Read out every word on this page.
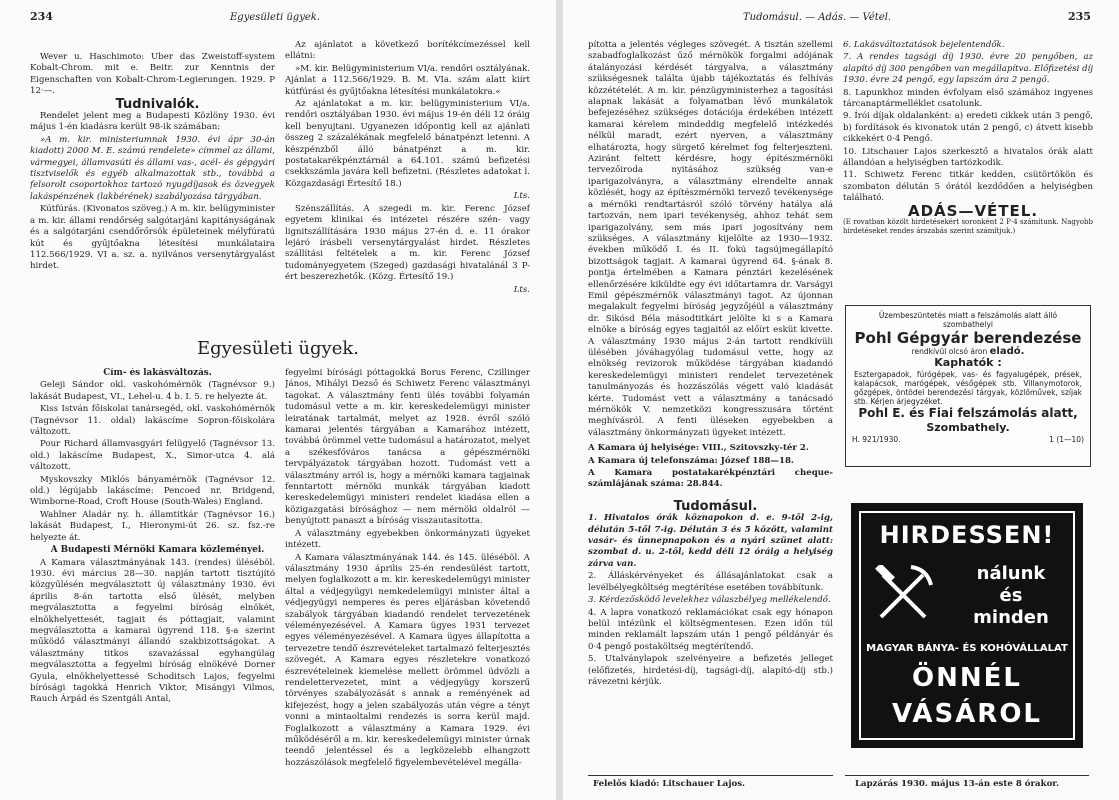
234	Egyesületi ügyek.

Wever u. Haschimoto: Über das Zweistoff-system Kobalt-Chrom. mit e. Beitr. zur Kenntnis der Eigenschaften von Kobalt-Chrom-Legierungen. 1929. P 12·—.

Tudnivalók.

Rendelet jelent meg a Budapesti Közlöny 1930. évi május 1-én kiadásra került 98-ik számában:

»A m. kir. ministeriumnak 1930. évi ápr 30-án kiadott) 2000 M. E. számú rendelete» címmel az állami, vármegyei, államvasúti és állami vas-, acél- és gépgyári tisztviselők és egyéb alkalmazottak stb., továbbá a felsorolt csoportokhoz tartozó nyugdíjasok és özvegyek lakáspénzének (lakbérének) szabályozása tárgyában.

Kútfúrás. (Kivonatos szöveg.) A m. kir. belügyminister a m. kir. állami rendőrség salgótarjáni kapitányságának és a salgótarjáni csendőrőrsök épületeinek mélyfúratú kút és gyűjtőakna létesítési munkálataira 112.566/1929. VI a. sz. a. nyilvános versenytárgyalást hirdet.

Az ajánlatot a következő borítékcímezéssel kell ellátni:

»M. kir. Belügyministerium VI/a. rendőri osztályának. Ajánlat a 112.566/1929. B. M. VIa. szám alatt kiírt kútfúrási és gyűjtőakna létesítési munkálatokra.«

Az ajánlatokat a m. kir. belügyministerium VI/a. rendőri osztályában 1930. évi május 19-én déli 12 óráig kell benyujtani. Ugyanezen időpontig kell az ajánlati összeg 2 százalékának megfelelő bánatpénzt letenni. A készpénzből álló bánatpénzt a m. kir. postatakarékpénztárnál a 64.101. számú befizetési csekkszámla javára kell befizetni. (Részletes adatokat l. Közgazdasági Értesítő 18.)

Lts.

Szénszállítás. A szegedi m. kir. Ferenc József egyetem klinikai és intézetei részére szén- vagy lignitszállítására 1930 május 27-én d. e. 11 órakor lejáró írásbeli versenytárgyalást hirdet. Részletes szállítási feltételek a m. kir. Ferenc József tudományegyetem (Szeged) gazdasági hivatalánál 3 P-ért beszerezhetők. (Közg. Értesítő 19.)

Lts.

Egyesületi ügyek.

Cím- és lakásváltozás.

Geleji Sándor okl. vaskohómérnök (Tagnévsor 9.) lakását Budapest, VI., Lehel-u. 4 b. I. 5. re helyezte át.

Kiss István főiskolai tanársegéd, okl. vaskohómérnök (Tagnévsor 11. oldal) lakáscíme Sopron-főiskolára változott.

Pour Richard államvasgyári felügyelő (Tagnévsor 13. old.) lakáscíme Budapest, X., Simor-utca 4. alá változott.

Myskovszky Miklós bányamérnök (Tagnévsor 12. old.) légújabb lakáscíme: Pencoed nr. Bridgend, Wimborne-Road, Croft House (South-Wales) England.

Wahlner Aladár ny. h. államtitkár (Tagnévsor 16.) lakását Budapest, I., Hieronymi-út 26. sz. fsz.-re helyezte át.

A Budapesti Mérnöki Kamara közleményei.

A Kamara választmányának 143. (rendes) ülésébõl. 1930. évi március 28—30. napján tartott tisztújító közgyűlésén megválasztott új választmány 1930. évi április 8-án tartotta első ülését, melyben megválasztotta a fegyelmi bíróság elnökét, elnökhelyettesét, tagjait és póttagjait, valamint megválasztotta a kamarai ügyrend 118. §-a szerint működő választmányi állandó szakbizottságokat. A választmány titkos szavazással egyhangúlag megválasztotta a fegyelmi bíróság elnökévé Dorner Gyula, elnökhelyettessé Schoditsch Lajos, fegyelmi bírósági tagokká Henrich Viktor, Misángyi Vilmos, Rauch Árpád és Szentgáli Antal,

fegyelmi bírósági póttagokká Borus Ferenc, Czillinger János, Mihályi Dezső és Schiwetz Ferenc választmányi tagokat. A választmány fenti ülés további folyamán tudomásul vette a m. kir. kereskedelemügyi minister leiratának tartalmát, melyet az 1928. évről szóló kamarai jelentés tárgyában a Kamarához intézett, továbbá örömmel vette tudomásul a határozatot, melyet a székesfőváros tanácsa a gépészmérnöki tervpályázatok tárgyában hozott. Tudomást vett a választmány arról is, hogy a mérnöki kamara tagjainak fenntartott mérnöki munkák tárgyában kiadott kereskedelemügyi ministeri rendelet kiadása ellen a közigazgatási bírósághoz — nem mérnöki oldalról — benyújtott panaszt a bíróság visszautasította.

A választmány egyebekben önkormányzati ügyeket intézett.

A Kamara választmányának 144. és 145. ülésébõl. A választmány 1930 április 25-én rendesülést tartott, melyen foglalkozott a m. kir. kereskedelemügyi minister által a védjegyügyi nemkedelemügyi minister által a védjegyügyi nemperes és peres eljárásban követendő szabályok tárgyában kiadandó rendelet tervezetének véleményezésével. A Kamara ügyes 1931 tervezet egyes véleményezésével. A Kamara ügyes állapította a tervezetre tendő észrevételeket tartalmazó felterjesztés szövegét. A Kamara egyes részletekre vonatkozó észrevételeinek kiemelése mellett örömmel üdvözli a rendelettervezetet, mint a védjegyügy korszerű törvényes szabályozását s annak a reményének ad kifejezést, hogy a jelen szabályozás után végre a tényt vonni a mintaoltalmi rendezés is sorra kerül majd. Foglalkozott a választmány a Kamara 1929. évi működéséről a m. kir. kereskedelemügyi minister úrnak teendő jelentéssel és a legközelebb elhangzott hozzászólások megfelelő figyelembevételével megálla-

Tudomásul. — Adás. — Vétel.	235

pította a jelentés végleges szövegét. A tisztán szellemi szabadfoglalkozást űző mérnökök forgalmi adójának átalányozási kérdését tárgyalva, a választmány szükségesnek találta újabb tájékoztatás és felhívás közzétételét. A m. kir. pénzügyministerhez a tagosítási alapnak lakását a folyamatban lévő munkálatok befejezéséhez szükséges dotációja érdekében intézett kamarai kérelem mindeddig megfelelő intézkedés nélkül maradt, ezért nyerven, a választmány elhatározta, hogy sürgető kérelmet fog felterjeszteni. Aziránt feltett kérdésre, hogy építészmérnöki tervezőiroda nyitásához szükség van-e iparigazolványra, a választmány elrendelte annak közlését, hogy az építészmérnöki tervező tevékenysége a mérnöki rendtartásról szóló törvény hatálya alá tartozván, nem ipari tevékenység, ahhoz tehát sem iparigazolvány, sem más ipari jogosítvány nem szükséges. A választmány kijelölte az 1930—1932. években működő I. és II. fokú tagsújmegállapító bizottságok tagjait. A kamarai ügyrend 64. §-ának 8. pontja értelmében a Kamara pénztári kezelésének ellenőrzésére kiküldte egy évi időtartamra dr. Varságyi Emil gépészmérnök választmányi tagot. Az újonnan megalakult fegyelmi bíróság jegyzőjéül a választmány dr. Sikósd Béla másodtitkárt jelölte ki s a Kamara elnöke a bíróság egyes tagjaitól az előírt esküt kivette. A választmány 1930 május 2-án tartott rendkívüli ülésében jóváhagyólag tudomásul vette, hogy az elnökség revizorok működése tárgyában kiadandó kereskedelemügyi ministeri rendelet tervezetének tanulmányozás és hozzászólás végett való kiadását kérte. Tudomást vett a választmány a tanácsadó mérnökök V. nemzetközi kongresszusára történt meghívásról. A fenti üléseken egyebekben a választmány önkormányzati ügyeket intézett.

A Kamara új helyisége: VIII., Szitovszky-tér 2.

A Kamara új telefonszáma: József 188—18.

A Kamara postatakarékpénztári cheque-számlájának száma: 28.844.

Tudomásul.

1. Hivatalos órák köznapokon d. e. 9-től 2-ig, délután 5-től 7-ig. Délután 3 és 5 között, valamint vasár- és ünnepnapokon és a nyári szünet alatt: szombat d. u. 2-től, kedd déli 12 óráig a helyiség zárva van.

2. Álláskérvényeket és állásajánlatokat csak a levélbélyegköltség megtérítése esetében továbbítunk.

3. Kérdezősködő levelekhez válaszbélyeg mellékelendő.

4. A lapra vonatkozó reklamációkat csak egy hónapon belül intézünk el költségmentesen. Ezen időn túl minden reklamált lapszám után 1 pengő példányár és 0·4 pengő postaköltség megtérítendő.

5. Utalványlapok szelvényeire a befizetés jelleget (előfizetés, hirdetési-díj, tagsági-díj, alapító-díj stb.) rávezetni kérjük.

Felelős kiadó: Litschauer Lajos.

6. Lakásváltoztatások bejelentendők.

7. A rendes tagsági díj 1930. évre 20 pengőben, az alapító díj 300 pengőben van megállapítva. Előfizetési díj 1930. évre 24 pengő, egy lapszám ára 2 pengő.

8. Lapunkhoz minden évfolyam első számához ingyenes tárcanaptármelléklet csatolunk.

9. Írói díjak oldalanként: a) eredeti cikkek után 3 pengő, b) fordítások és kivonatok után 2 pengő, c) átvett kisebb cikkekért 0·4 Pengő.

10. Litschauer Lajos szerkesztő a hivatalos órák alatt állandóan a helyiségben tartózkodik.

11. Schiwetz Ferenc titkár kedden, csütörtökön és szombaton délután 5 órától kezdődően a helyiségben található.

ADÁS—VÉTEL.

(E rovatban közölt hirdetésekért soronként 2 P·4 számítunk. Nagyobb hirdetéseket rendes árszabás szerint számítjuk.)

Üzembeszüntetés miatt a felszámolás alatt álló szombathelyi
Pohl Gépgyár berendezése
rendkívül olcsó áron eladó.
Kaphatók :
Esztergapadok, fúrógépek, vas- és fagyalugépek, prések, kalapácsok, marógépek, vésőgépek stb. Villanymotorok, gőzgépek, öntödei berendezési tárgyak, közlőművek, szíjak stb. Kérjen árjegyzéket.
Pohl E. és Fiai felszámolás alatt,
Szombathely.
H. 921/1930.	1 (1—10)
HIRDESSEN!
nálunk
és
minden
MAGYAR BÁNYA- ÉS KOHÓVÁLLALAT
ÖNNÉL
VÁSÁROL
Lapzárás 1930. május 13-án este 8 órakor.
